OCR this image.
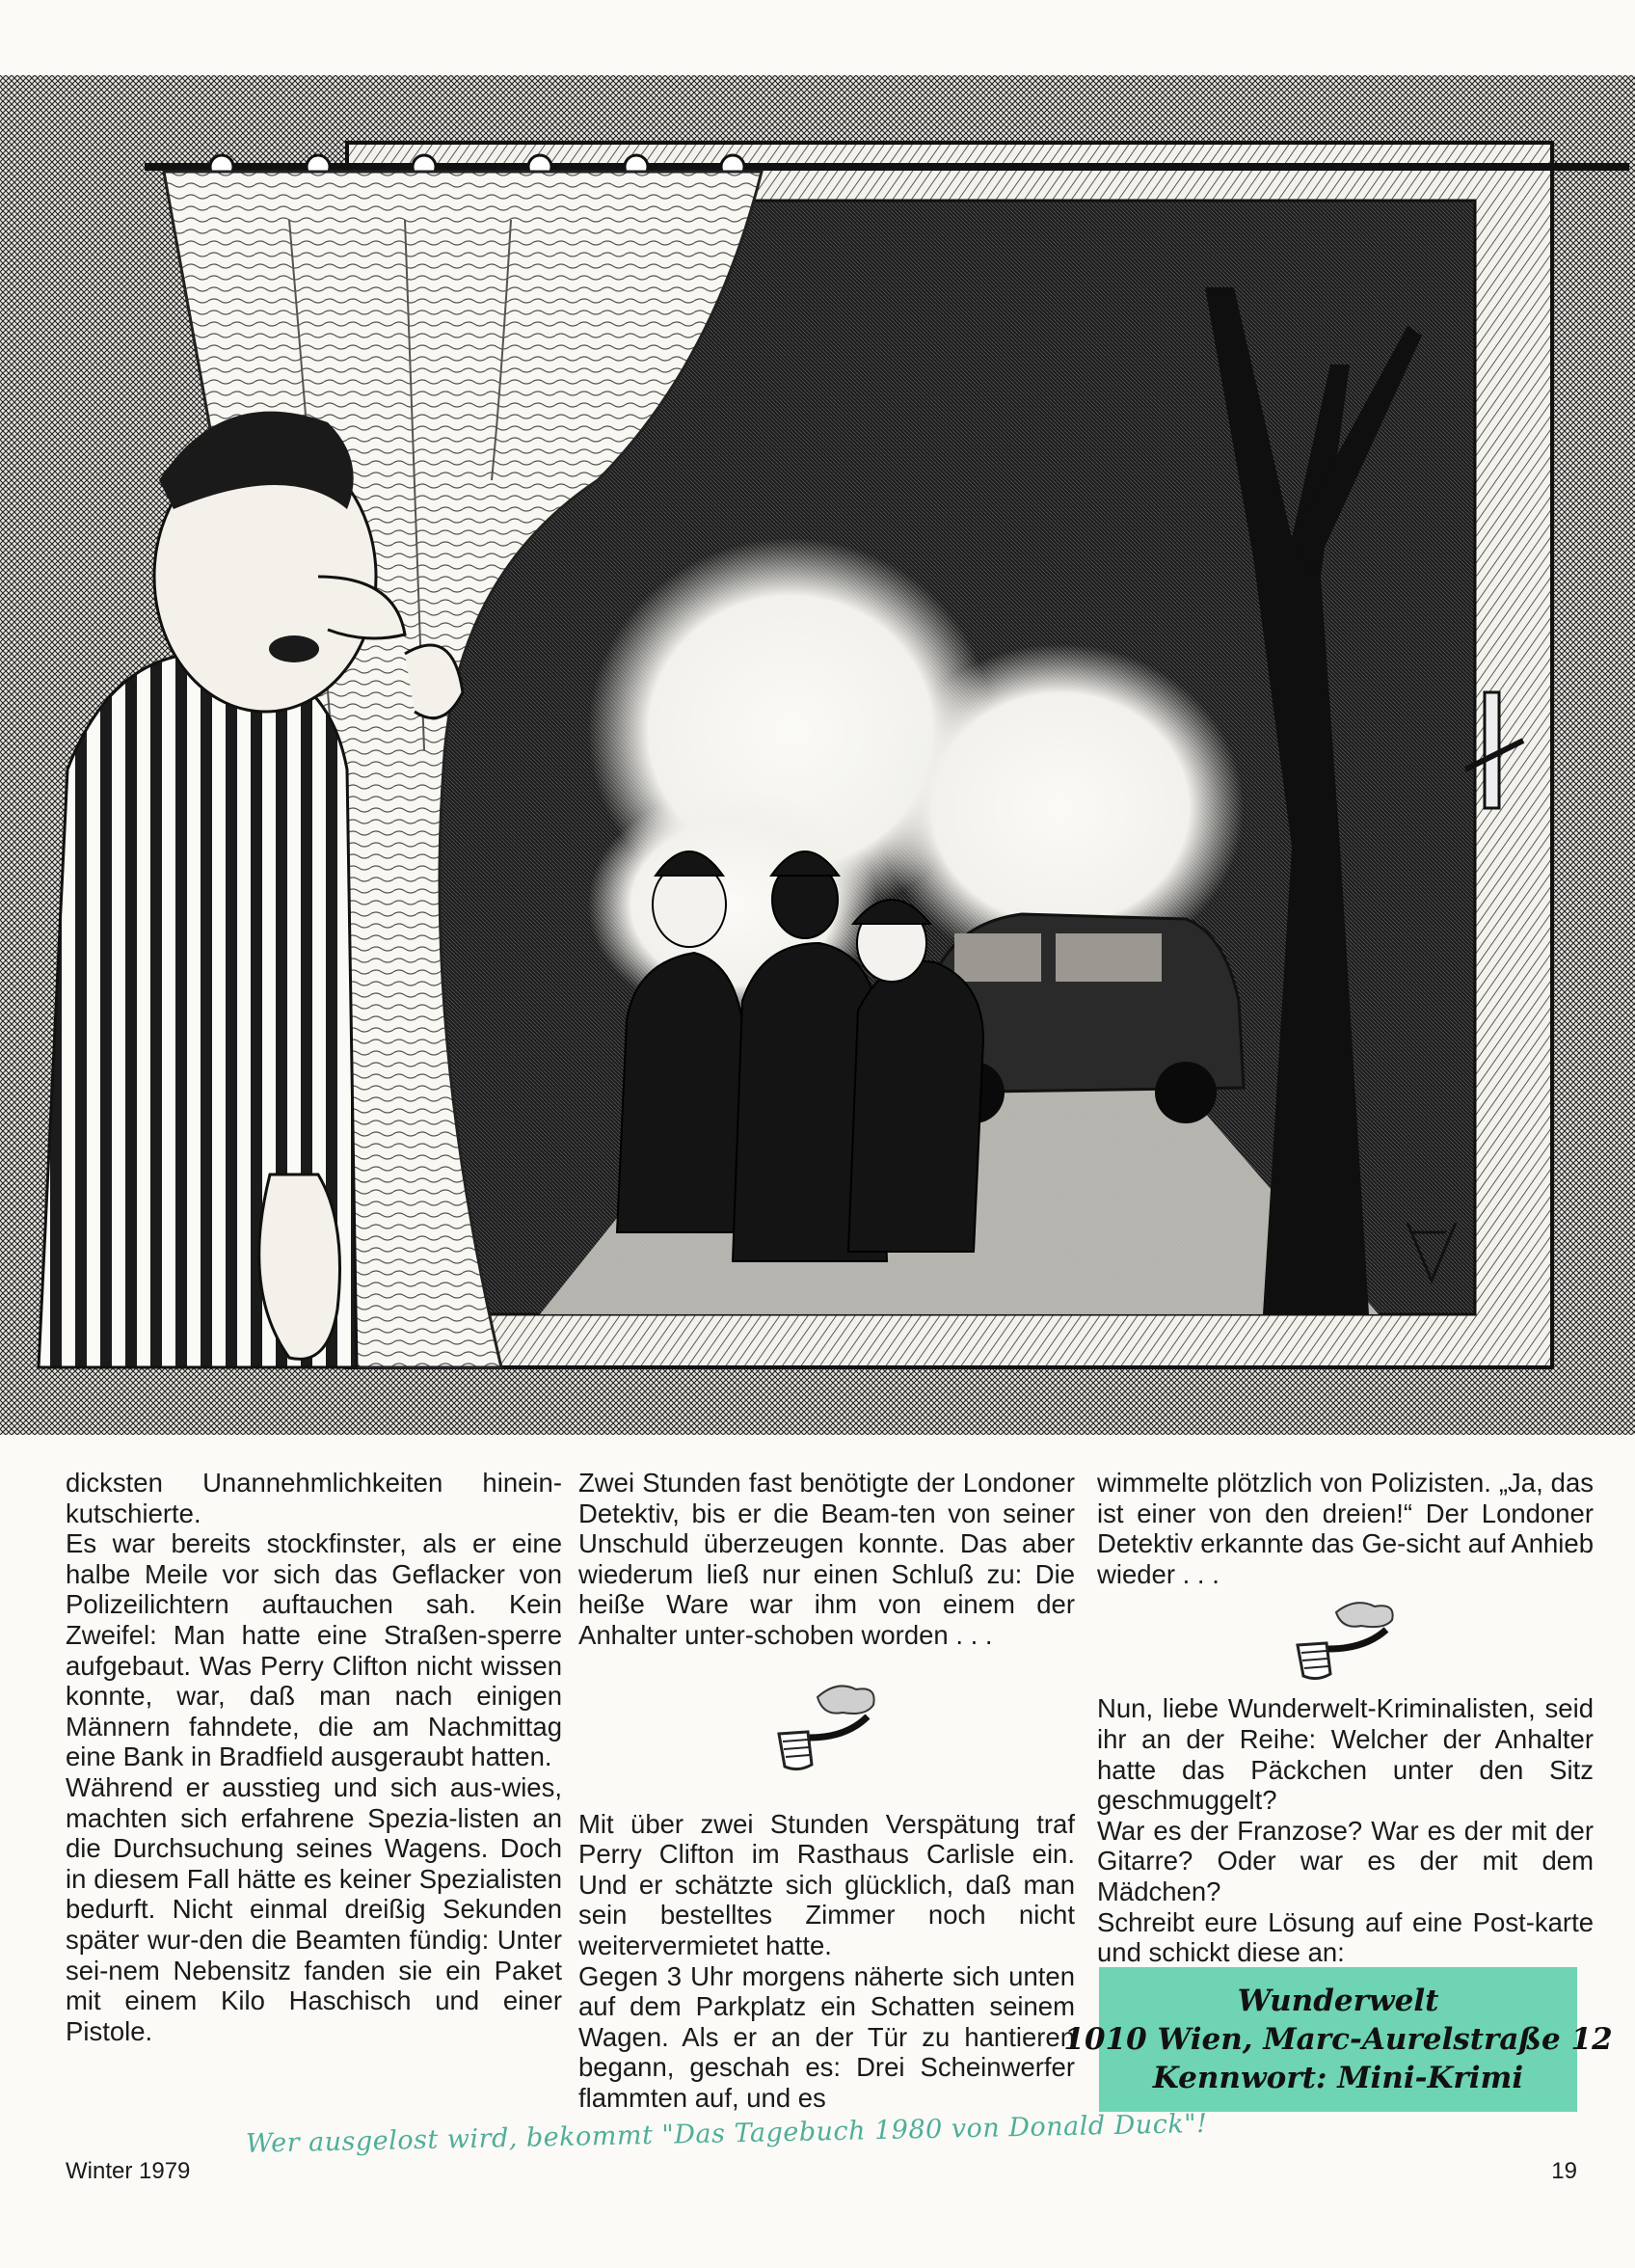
dicksten Unannehmlichkeiten hinein-kutschierte.

Es war bereits stockfinster, als er eine halbe Meile vor sich das Geflacker von Polizeilichtern auftauchen sah. Kein Zweifel: Man hatte eine Straßen-sperre aufgebaut. Was Perry Clifton nicht wissen konnte, war, daß man nach einigen Männern fahndete, die am Nachmittag eine Bank in Bradfield ausgeraubt hatten.

Während er ausstieg und sich aus-wies, machten sich erfahrene Spezia-listen an die Durchsuchung seines Wagens. Doch in diesem Fall hätte es keiner Spezialisten bedurft. Nicht einmal dreißig Sekunden später wur-den die Beamten fündig: Unter sei-nem Nebensitz fanden sie ein Paket mit einem Kilo Haschisch und einer Pistole.

Zwei Stunden fast benötigte der Londoner Detektiv, bis er die Beam-ten von seiner Unschuld überzeugen konnte. Das aber wiederum ließ nur einen Schluß zu: Die heiße Ware war ihm von einem der Anhalter unter-schoben worden . . .

Mit über zwei Stunden Verspätung traf Perry Clifton im Rasthaus Carlisle ein. Und er schätzte sich glücklich, daß man sein bestelltes Zimmer noch nicht weitervermietet hatte.

Gegen 3 Uhr morgens näherte sich unten auf dem Parkplatz ein Schatten seinem Wagen. Als er an der Tür zu hantieren begann, geschah es: Drei Scheinwerfer flammten auf, und es

wimmelte plötzlich von Polizisten. „Ja, das ist einer von den dreien!“ Der Londoner Detektiv erkannte das Ge-sicht auf Anhieb wieder . . .

Nun, liebe Wunderwelt-Kriminalisten, seid ihr an der Reihe: Welcher der Anhalter hatte das Päckchen unter den Sitz geschmuggelt?

War es der Franzose? War es der mit der Gitarre? Oder war es der mit dem Mädchen?

Schreibt eure Lösung auf eine Post-karte und schickt diese an:

Wunderwelt
1010 Wien, Marc-Aurelstraße 12
Kennwort: Mini-Krimi
Wer ausgelost wird, bekommt "Das Tagebuch 1980 von Donald Duck"!
Winter 1979	19
